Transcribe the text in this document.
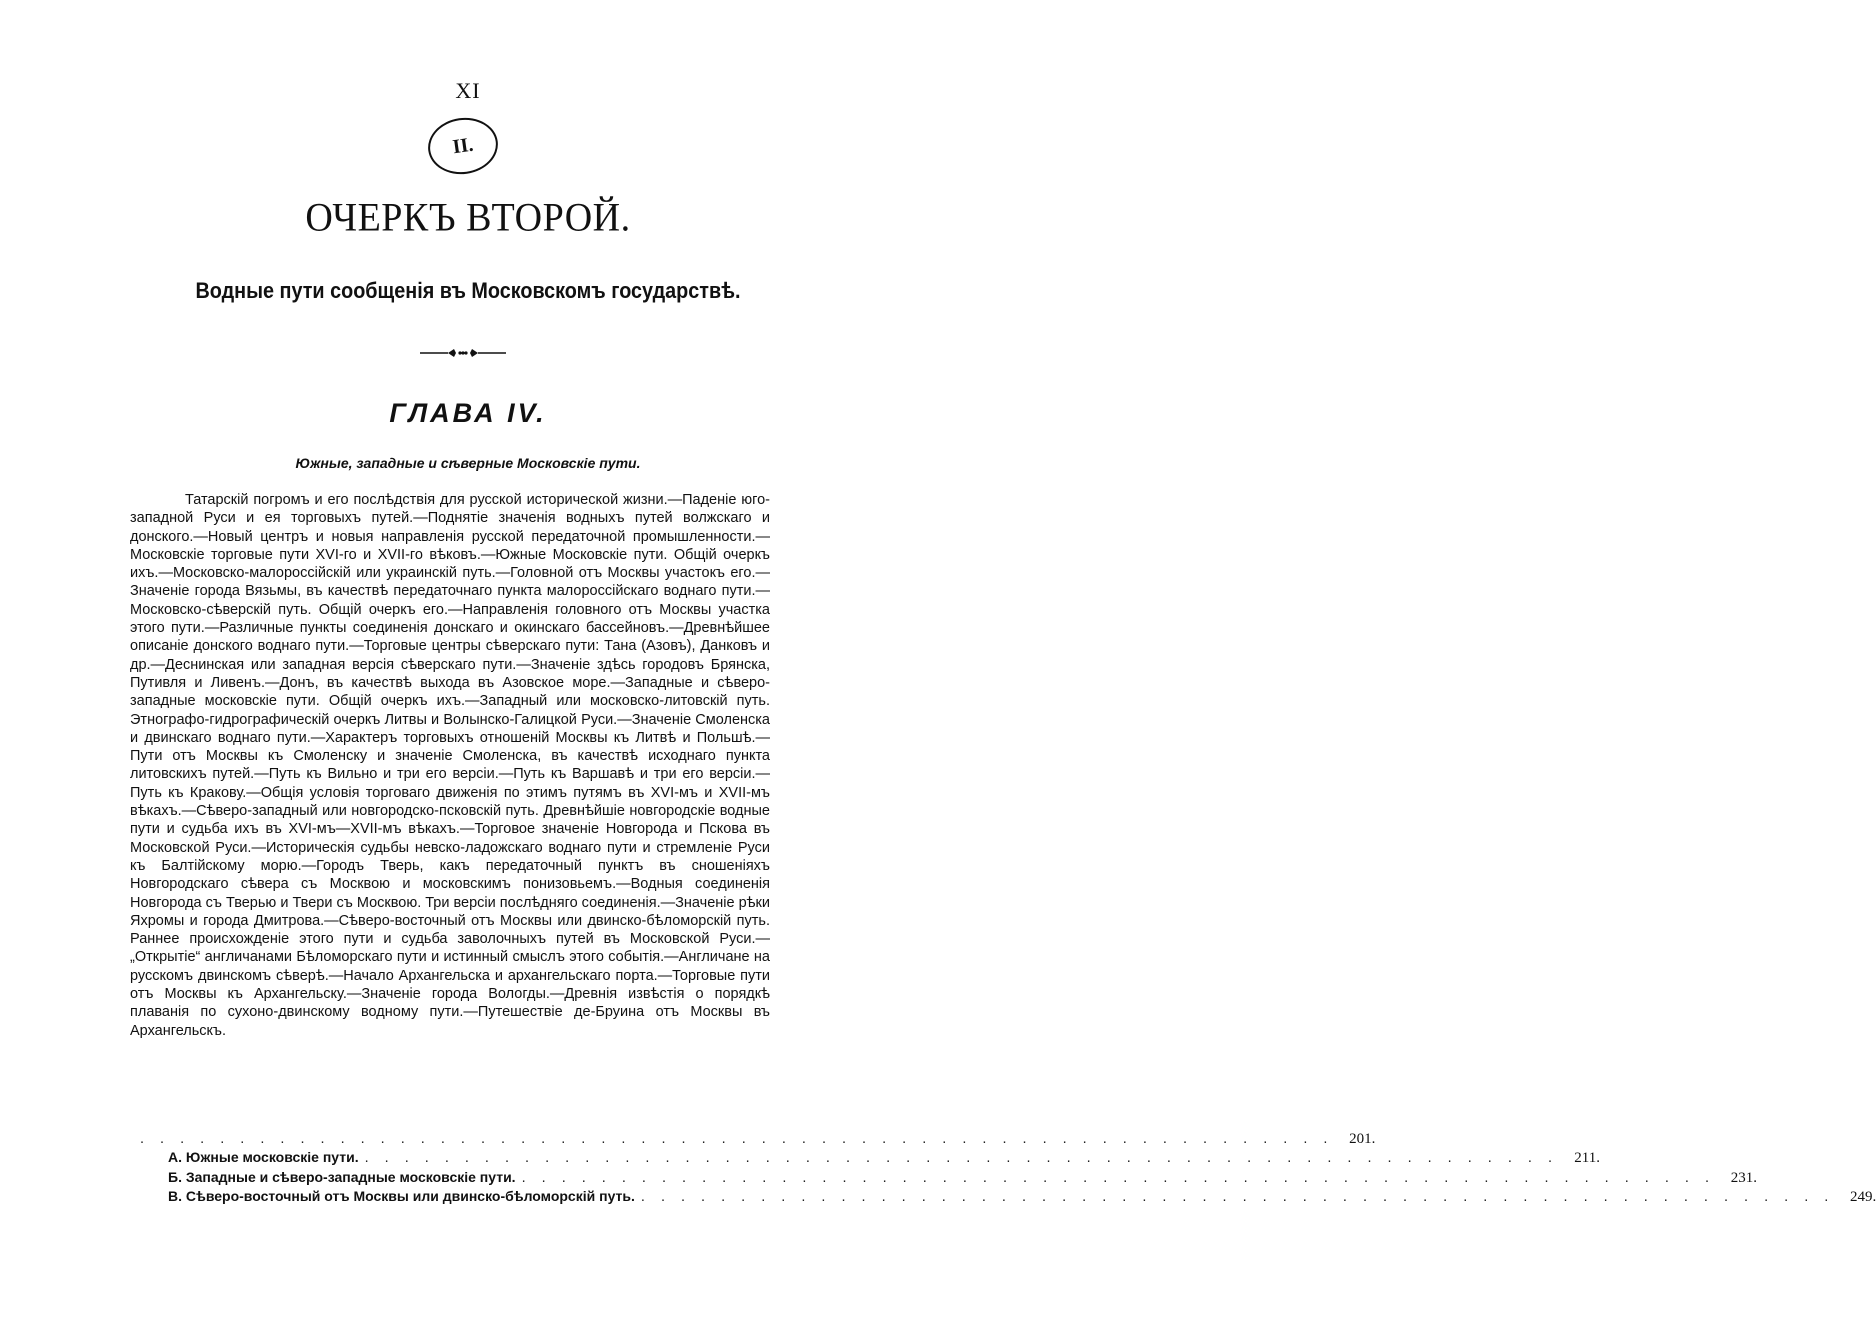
XI
II.
ОЧЕРКЪ ВТОРОЙ.
Водные пути сообщенія въ Московскомъ государствѣ.
ГЛАВА IV.
Южные, западные и сѣверные Московскіе пути.

Татарскій погромъ и его послѣдствія для русской исторической жизни.—Паденіе юго-западной Руси и ея торговыхъ путей.—Поднятіе значенія водныхъ путей волжскаго и донского.—Новый центръ и новыя направленія русской передаточной промышленности.—Московскіе торговые пути XVI-го и XVII-го вѣковъ.—Южные Московскіе пути. Общій очеркъ ихъ.—Московско-малороссійскій или украинскій путь.—Головной отъ Москвы участокъ его.—Значеніе города Вязьмы, въ качествѣ передаточнаго пункта малороссійскаго воднаго пути.—Московско-сѣверскій путь. Общій очеркъ его.—Направленія головного отъ Москвы участка этого пути.—Различные пункты соединенія донскаго и окинскаго бассейновъ.—Древнѣйшее описаніе донского воднаго пути.—Торговые центры сѣверскаго пути: Тана (Азовъ), Данковъ и др.—Деснинская или западная версія сѣверскаго пути.—Значеніе здѣсь городовъ Брянска, Путивля и Ливенъ.—Донъ, въ качествѣ выхода въ Азовское море.—Западные и сѣверо-западные московскіе пути. Общій очеркъ ихъ.—Западный или московско-литовскій путь. Этнографо-гидрографическій очеркъ Литвы и Волынско-Галицкой Руси.—Значеніе Смоленска и двинскаго воднаго пути.—Характеръ торговыхъ отношеній Москвы къ Литвѣ и Польшѣ.—Пути отъ Москвы къ Смоленску и значеніе Смоленска, въ качествѣ исходнаго пункта литовскихъ путей.—Путь къ Вильно и три его версіи.—Путь къ Варшавѣ и три его версіи.—Путь къ Кракову.—Общія условія торговаго движенія по этимъ путямъ въ XVI-мъ и XVII-мъ вѣкахъ.—Сѣверо-западный или новгородско-псковскій путь. Древнѣйшіе новгородскіе водные пути и судьба ихъ въ XVI-мъ—XVII-мъ вѣкахъ.—Торговое значеніе Новгорода и Пскова въ Московской Руси.—Историческія судьбы невско-ладожскаго воднаго пути и стремленіе Руси къ Балтійскому морю.—Городъ Тверь, какъ передаточный пунктъ въ сношеніяхъ Новгородскаго сѣвера съ Москвою и московскимъ понизовьемъ.—Водныя соединенія Новгорода съ Тверью и Твери съ Москвою. Три версіи послѣдняго соединенія.—Значеніе рѣки Яхромы и города Дмитрова.—Сѣверо-восточный отъ Москвы или двинско-бѣломорскій путь. Раннее происхожденіе этого пути и судьба заволочныхъ путей въ Московской Руси.—„Открытіе“ англичанами Бѣломорскаго пути и истинный смыслъ этого событія.—Англичане на русскомъ двинскомъ сѣверѣ.—Начало Архангельска и архангельскаго порта.—Торговые пути отъ Москвы къ Архангельску.—Значеніе города Вологды.—Древнія извѣстія о порядкѣ плаванія по сухоно-двинскому водному пути.—Путешествіе де-Бруина отъ Москвы въ Архангельскъ.

. . . . . . . . . . . . . . . . . . . . . . . . . . . . . . . . . . . . . . . . . . . . . . . . . . . . . . . . . . . .	201.
А. Южные московскіе пути. . . . . . . . . . . . . . . . . . . . . . . . . . . . . . . . . . . . . . . . . . . . . . . . . . . . . . . . . . . . .	211.
Б. Западные и сѣверо-западные московскіе пути. . . . . . . . . . . . . . . . . . . . . . . . . . . . . . . . . . . . . . . . . . . . . . . . . . . . . . . . . . . . .	231.
В. Сѣверо-восточный отъ Москвы или двинско-бѣломорскій путь. . . . . . . . . . . . . . . . . . . . . . . . . . . . . . . . . . . . . . . . . . . . . . . . . . . . . . . . . . . . .	249.
